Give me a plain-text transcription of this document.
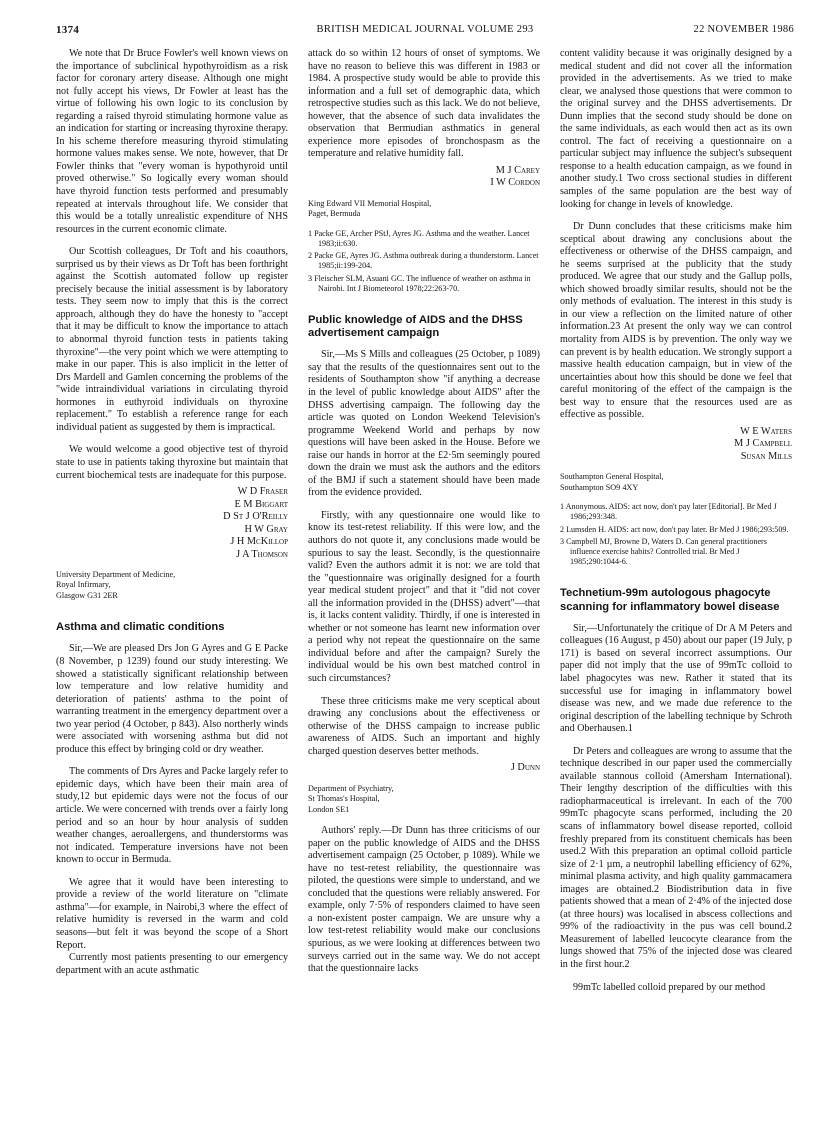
1374	BRITISH MEDICAL JOURNAL VOLUME 293	22 NOVEMBER 1986

We note that Dr Bruce Fowler's well known views on the importance of subclinical hypothyroidism as a risk factor for coronary artery disease. Although one might not fully accept his views, Dr Fowler at least has the virtue of following his own logic to its conclusion by regarding a raised thyroid stimulating hormone value as an indication for starting or increasing thyroxine therapy. In his scheme therefore measuring thyroid stimulating hormone values makes sense. We note, however, that Dr Fowler thinks that "every woman is hypothyroid until proved otherwise." So logically every woman should have thyroid function tests performed and presumably repeated at intervals throughout life. We consider that this would be a totally unrealistic expenditure of NHS resources in the current economic climate.

Our Scottish colleagues, Dr Toft and his coauthors, surprised us by their views as Dr Toft has been forthright against the Scottish automated follow up register precisely because the initial assessment is by laboratory tests. They seem now to imply that this is the correct approach, although they do have the honesty to "accept that it may be difficult to know the importance to attach to abnormal thyroid function tests in patients taking thyroxine"—the very point which we were attempting to make in our paper. This is also implicit in the letter of Drs Mardell and Gamlen concerning the problems of the "wide intraindividual variations in circulating thyroid hormones in euthyroid individuals on thyroxine replacement." To establish a reference range for each individual patient as suggested by them is impractical.

We would welcome a good objective test of thyroid state to use in patients taking thyroxine but maintain that current biochemical tests are inadequate for this purpose.

W D Fraser
E M Biggart
D St J O'Reilly
H W Gray
J H McKillop
J A Thomson
University Department of Medicine,
Royal Infirmary,
Glasgow G31 2ER
Asthma and climatic conditions

Sir,—We are pleased Drs Jon G Ayres and G E Packe (8 November, p 1239) found our study interesting. We showed a statistically significant relationship between low temperature and low relative humidity and deterioration of patients' asthma to the point of warranting treatment in the emergency department over a two year period (4 October, p 843). Also northerly winds were associated with worsening asthma but did not produce this effect by bringing cold or dry weather.

The comments of Drs Ayres and Packe largely refer to epidemic days, which have been their main area of study,12 but epidemic days were not the focus of our article. We were concerned with trends over a fairly long period and so an hour by hour analysis of sudden weather changes, aeroallergens, and thunderstorms was not indicated. Temperature inversions have not been known to occur in Bermuda.

We agree that it would have been interesting to provide a review of the world literature on "climate asthma"—for example, in Nairobi,3 where the effect of relative humidity is reversed in the warm and cold seasons—but felt it was beyond the scope of a Short Report.

Currently most patients presenting to our emergency department with an acute asthmatic

attack do so within 12 hours of onset of symptoms. We have no reason to believe this was different in 1983 or 1984. A prospective study would be able to provide this information and a full set of demographic data, which retrospective studies such as this lack. We do not believe, however, that the absence of such data invalidates the observation that Bermudian asthmatics in general experience more episodes of bronchospasm as the temperature and relative humidity fall.

M J Carey
I W Cordon
King Edward VII Memorial Hospital,
Paget, Bermuda
1 Packe GE, Archer PStJ, Ayres JG. Asthma and the weather. Lancet 1983;ii:630.
2 Packe GE, Ayres JG. Asthma outbreak during a thunderstorm. Lancet 1985;ii:199-204.
3 Fleischer SLM, Asuani GC. The influence of weather on asthma in Nairobi. Int J Biometeorol 1978;22:263-70.
Public knowledge of AIDS and the DHSS advertisement campaign

Sir,—Ms S Mills and colleagues (25 October, p 1089) say that the results of the questionnaires sent out to the residents of Southampton show "if anything a decrease in the level of public knowledge about AIDS" after the DHSS advertising campaign. The following day the article was quoted on London Weekend Television's programme Weekend World and perhaps by now questions will have been asked in the House. Before we raise our hands in horror at the £2·5m seemingly poured down the drain we must ask the authors and the editors of the BMJ if such a statement should have been made from the evidence provided.

Firstly, with any questionnaire one would like to know its test-retest reliability. If this were low, and the authors do not quote it, any conclusions made would be spurious to say the least. Secondly, is the questionnaire valid? Even the authors admit it is not: we are told that the "questionnaire was originally designed for a fourth year medical student project" and that it "did not cover all the information provided in the (DHSS) advert"—that is, it lacks content validity. Thirdly, if one is interested in whether or not someone has learnt new information over a period why not repeat the questionnaire on the same individual before and after the campaign? Surely the individual would be his own best matched control in such circumstances?

These three criticisms make me very sceptical about drawing any conclusions about the effectiveness or otherwise of the DHSS campaign to increase public awareness of AIDS. Such an important and highly charged question deserves better methods.

J Dunn
Department of Psychiatry,
St Thomas's Hospital,
London SE1

Authors' reply.—Dr Dunn has three criticisms of our paper on the public knowledge of AIDS and the DHSS advertisement campaign (25 October, p 1089). While we have no test-retest reliability, the questionnaire was piloted, the questions were simple to understand, and we concluded that the questions were reliably answered. For example, only 7·5% of responders claimed to have seen a non-existent poster campaign. We are unsure why a low test-retest reliability would make our conclusions spurious, as we were looking at differences between two surveys carried out in the same way. We do not accept that the questionnaire lacks

content validity because it was originally designed by a medical student and did not cover all the information provided in the advertisements. As we tried to make clear, we analysed those questions that were common to the original survey and the DHSS advertisements. Dr Dunn implies that the second study should be done on the same individuals, as each would then act as its own control. The fact of receiving a questionnaire on a particular subject may influence the subject's subsequent response to a health education campaign, as we found in another study.1 Two cross sectional studies in different samples of the same population are the best way of looking for change in levels of knowledge.

Dr Dunn concludes that these criticisms make him sceptical about drawing any conclusions about the effectiveness or otherwise of the DHSS campaign, and he seems surprised at the publicity that the study produced. We agree that our study and the Gallup polls, which showed broadly similar results, should not be the only methods of evaluation. The interest in this study is in our view a reflection on the limited nature of other information.23 At present the only way we can control mortality from AIDS is by prevention. The only way we can prevent is by health education. We strongly support a massive health education campaign, but in view of the uncertainties about how this should be done we feel that careful monitoring of the effect of the campaign is the best way to ensure that the resources used are as effective as possible.

W E Waters
M J Campbell
Susan Mills
Southampton General Hospital,
Southampton SO9 4XY
1 Anonymous. AIDS: act now, don't pay later [Editorial]. Br Med J 1986;293:348.
2 Lumsden H. AIDS: act now, don't pay later. Br Med J 1986;293:509.
3 Campbell MJ, Browne D, Waters D. Can general practitioners influence exercise habits? Controlled trial. Br Med J 1985;290:1044-6.
Technetium-99m autologous phagocyte scanning for inflammatory bowel disease

Sir,—Unfortunately the critique of Dr A M Peters and colleagues (16 August, p 450) about our paper (19 July, p 171) is based on several incorrect assumptions. Our paper did not imply that the use of 99mTc colloid to label phagocytes was new. Rather it stated that its successful use for imaging in inflammatory bowel disease was new, and we made due reference to the original description of the labelling technique by Schroth and Oberhausen.1

Dr Peters and colleagues are wrong to assume that the technique described in our paper used the commercially available stannous colloid (Amersham International). Their lengthy description of the difficulties with this radiopharmaceutical is irrelevant. In each of the 700 99mTc phagocyte scans performed, including the 20 scans of inflammatory bowel disease reported, colloid freshly prepared from its constituent chemicals has been used.2 With this preparation an optimal colloid particle size of 2·1 µm, a neutrophil labelling efficiency of 62%, minimal plasma activity, and high quality gammacamera images are obtained.2 Biodistribution data in five patients showed that a mean of 2·4% of the injected dose (at three hours) was localised in abscess collections and 99% of the radioactivity in the pus was cell bound.2 Measurement of labelled leucocyte clearance from the lungs showed that 75% of the injected dose was cleared in the first hour.2

99mTc labelled colloid prepared by our method
